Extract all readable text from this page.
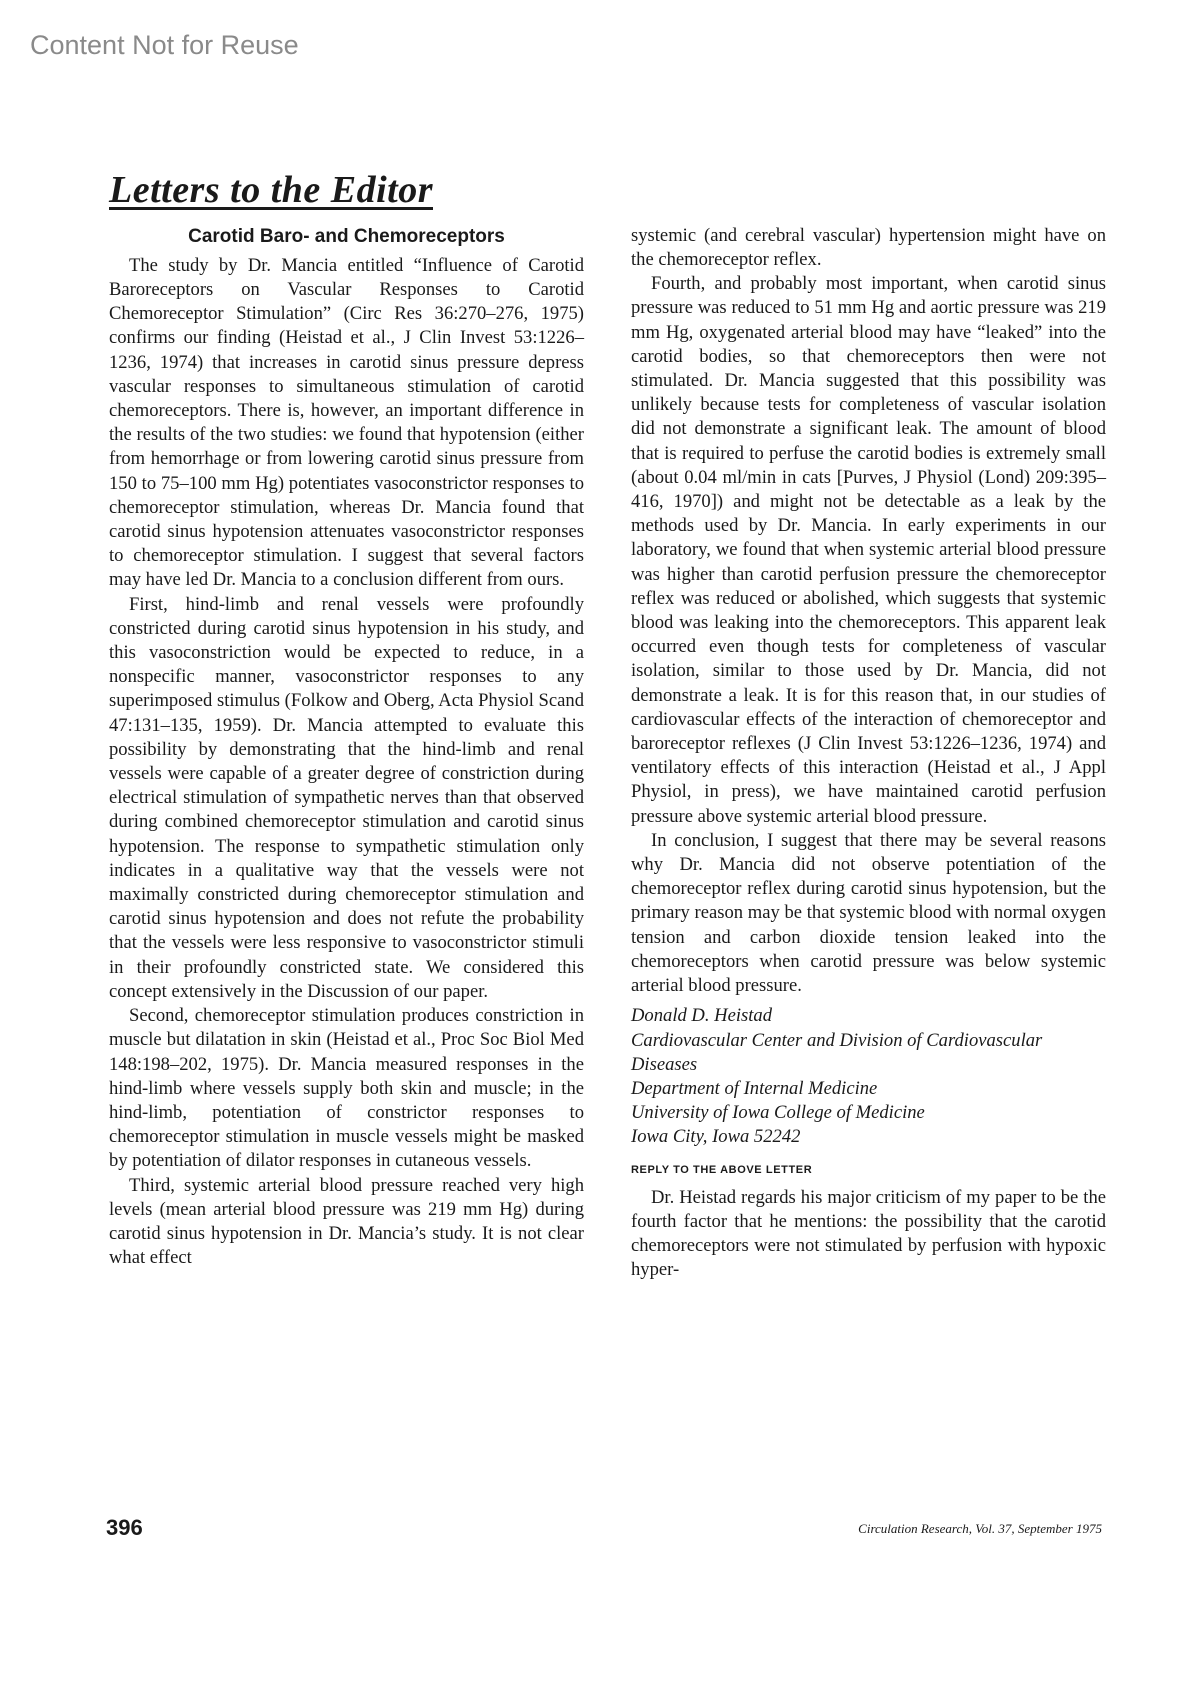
Content Not for Reuse
Letters to the Editor
Carotid Baro- and Chemoreceptors

The study by Dr. Mancia entitled “Influence of Carotid Baroreceptors on Vascular Responses to Carotid Chemoreceptor Stimulation” (Circ Res 36:270–276, 1975) confirms our finding (Heistad et al., J Clin Invest 53:1226–1236, 1974) that increases in carotid sinus pressure depress vascular responses to simultaneous stimulation of carotid chemoreceptors. There is, however, an important difference in the results of the two studies: we found that hypotension (either from hemorrhage or from lowering carotid sinus pressure from 150 to 75–100 mm Hg) potentiates vasoconstrictor responses to chemoreceptor stimulation, whereas Dr. Mancia found that carotid sinus hypotension attenuates vasoconstrictor responses to chemoreceptor stimulation. I suggest that several factors may have led Dr. Mancia to a conclusion different from ours.

First, hind-limb and renal vessels were profoundly constricted during carotid sinus hypotension in his study, and this vasoconstriction would be expected to reduce, in a nonspecific manner, vasoconstrictor responses to any superimposed stimulus (Folkow and Oberg, Acta Physiol Scand 47:131–135, 1959). Dr. Mancia attempted to evaluate this possibility by demonstrating that the hind-limb and renal vessels were capable of a greater degree of constriction during electrical stimulation of sympathetic nerves than that observed during combined chemoreceptor stimulation and carotid sinus hypotension. The response to sympathetic stimulation only indicates in a qualitative way that the vessels were not maximally constricted during chemoreceptor stimulation and carotid sinus hypotension and does not refute the probability that the vessels were less responsive to vasoconstrictor stimuli in their profoundly constricted state. We considered this concept extensively in the Discussion of our paper.

Second, chemoreceptor stimulation produces constriction in muscle but dilatation in skin (Heistad et al., Proc Soc Biol Med 148:198–202, 1975). Dr. Mancia measured responses in the hind-limb where vessels supply both skin and muscle; in the hind-limb, potentiation of constrictor responses to chemoreceptor stimulation in muscle vessels might be masked by potentiation of dilator responses in cutaneous vessels.

Third, systemic arterial blood pressure reached very high levels (mean arterial blood pressure was 219 mm Hg) during carotid sinus hypotension in Dr. Mancia’s study. It is not clear what effect

systemic (and cerebral vascular) hypertension might have on the chemoreceptor reflex.

Fourth, and probably most important, when carotid sinus pressure was reduced to 51 mm Hg and aortic pressure was 219 mm Hg, oxygenated arterial blood may have “leaked” into the carotid bodies, so that chemoreceptors then were not stimulated. Dr. Mancia suggested that this possibility was unlikely because tests for completeness of vascular isolation did not demonstrate a significant leak. The amount of blood that is required to perfuse the carotid bodies is extremely small (about 0.04 ml/min in cats [Purves, J Physiol (Lond) 209:395–416, 1970]) and might not be detectable as a leak by the methods used by Dr. Mancia. In early experiments in our laboratory, we found that when systemic arterial blood pressure was higher than carotid perfusion pressure the chemoreceptor reflex was reduced or abolished, which suggests that systemic blood was leaking into the chemoreceptors. This apparent leak occurred even though tests for completeness of vascular isolation, similar to those used by Dr. Mancia, did not demonstrate a leak. It is for this reason that, in our studies of cardiovascular effects of the interaction of chemoreceptor and baroreceptor reflexes (J Clin Invest 53:1226–1236, 1974) and ventilatory effects of this interaction (Heistad et al., J Appl Physiol, in press), we have maintained carotid perfusion pressure above systemic arterial blood pressure.

In conclusion, I suggest that there may be several reasons why Dr. Mancia did not observe potentiation of the chemoreceptor reflex during carotid sinus hypotension, but the primary reason may be that systemic blood with normal oxygen tension and carbon dioxide tension leaked into the chemoreceptors when carotid pressure was below systemic arterial blood pressure.

Donald D. Heistad
Cardiovascular Center and Division of Cardiovascular Diseases
Department of Internal Medicine
University of Iowa College of Medicine
Iowa City, Iowa 52242
REPLY TO THE ABOVE LETTER

Dr. Heistad regards his major criticism of my paper to be the fourth factor that he mentions: the possibility that the carotid chemoreceptors were not stimulated by perfusion with hypoxic hyper-

396	Circulation Research, Vol. 37, September 1975
